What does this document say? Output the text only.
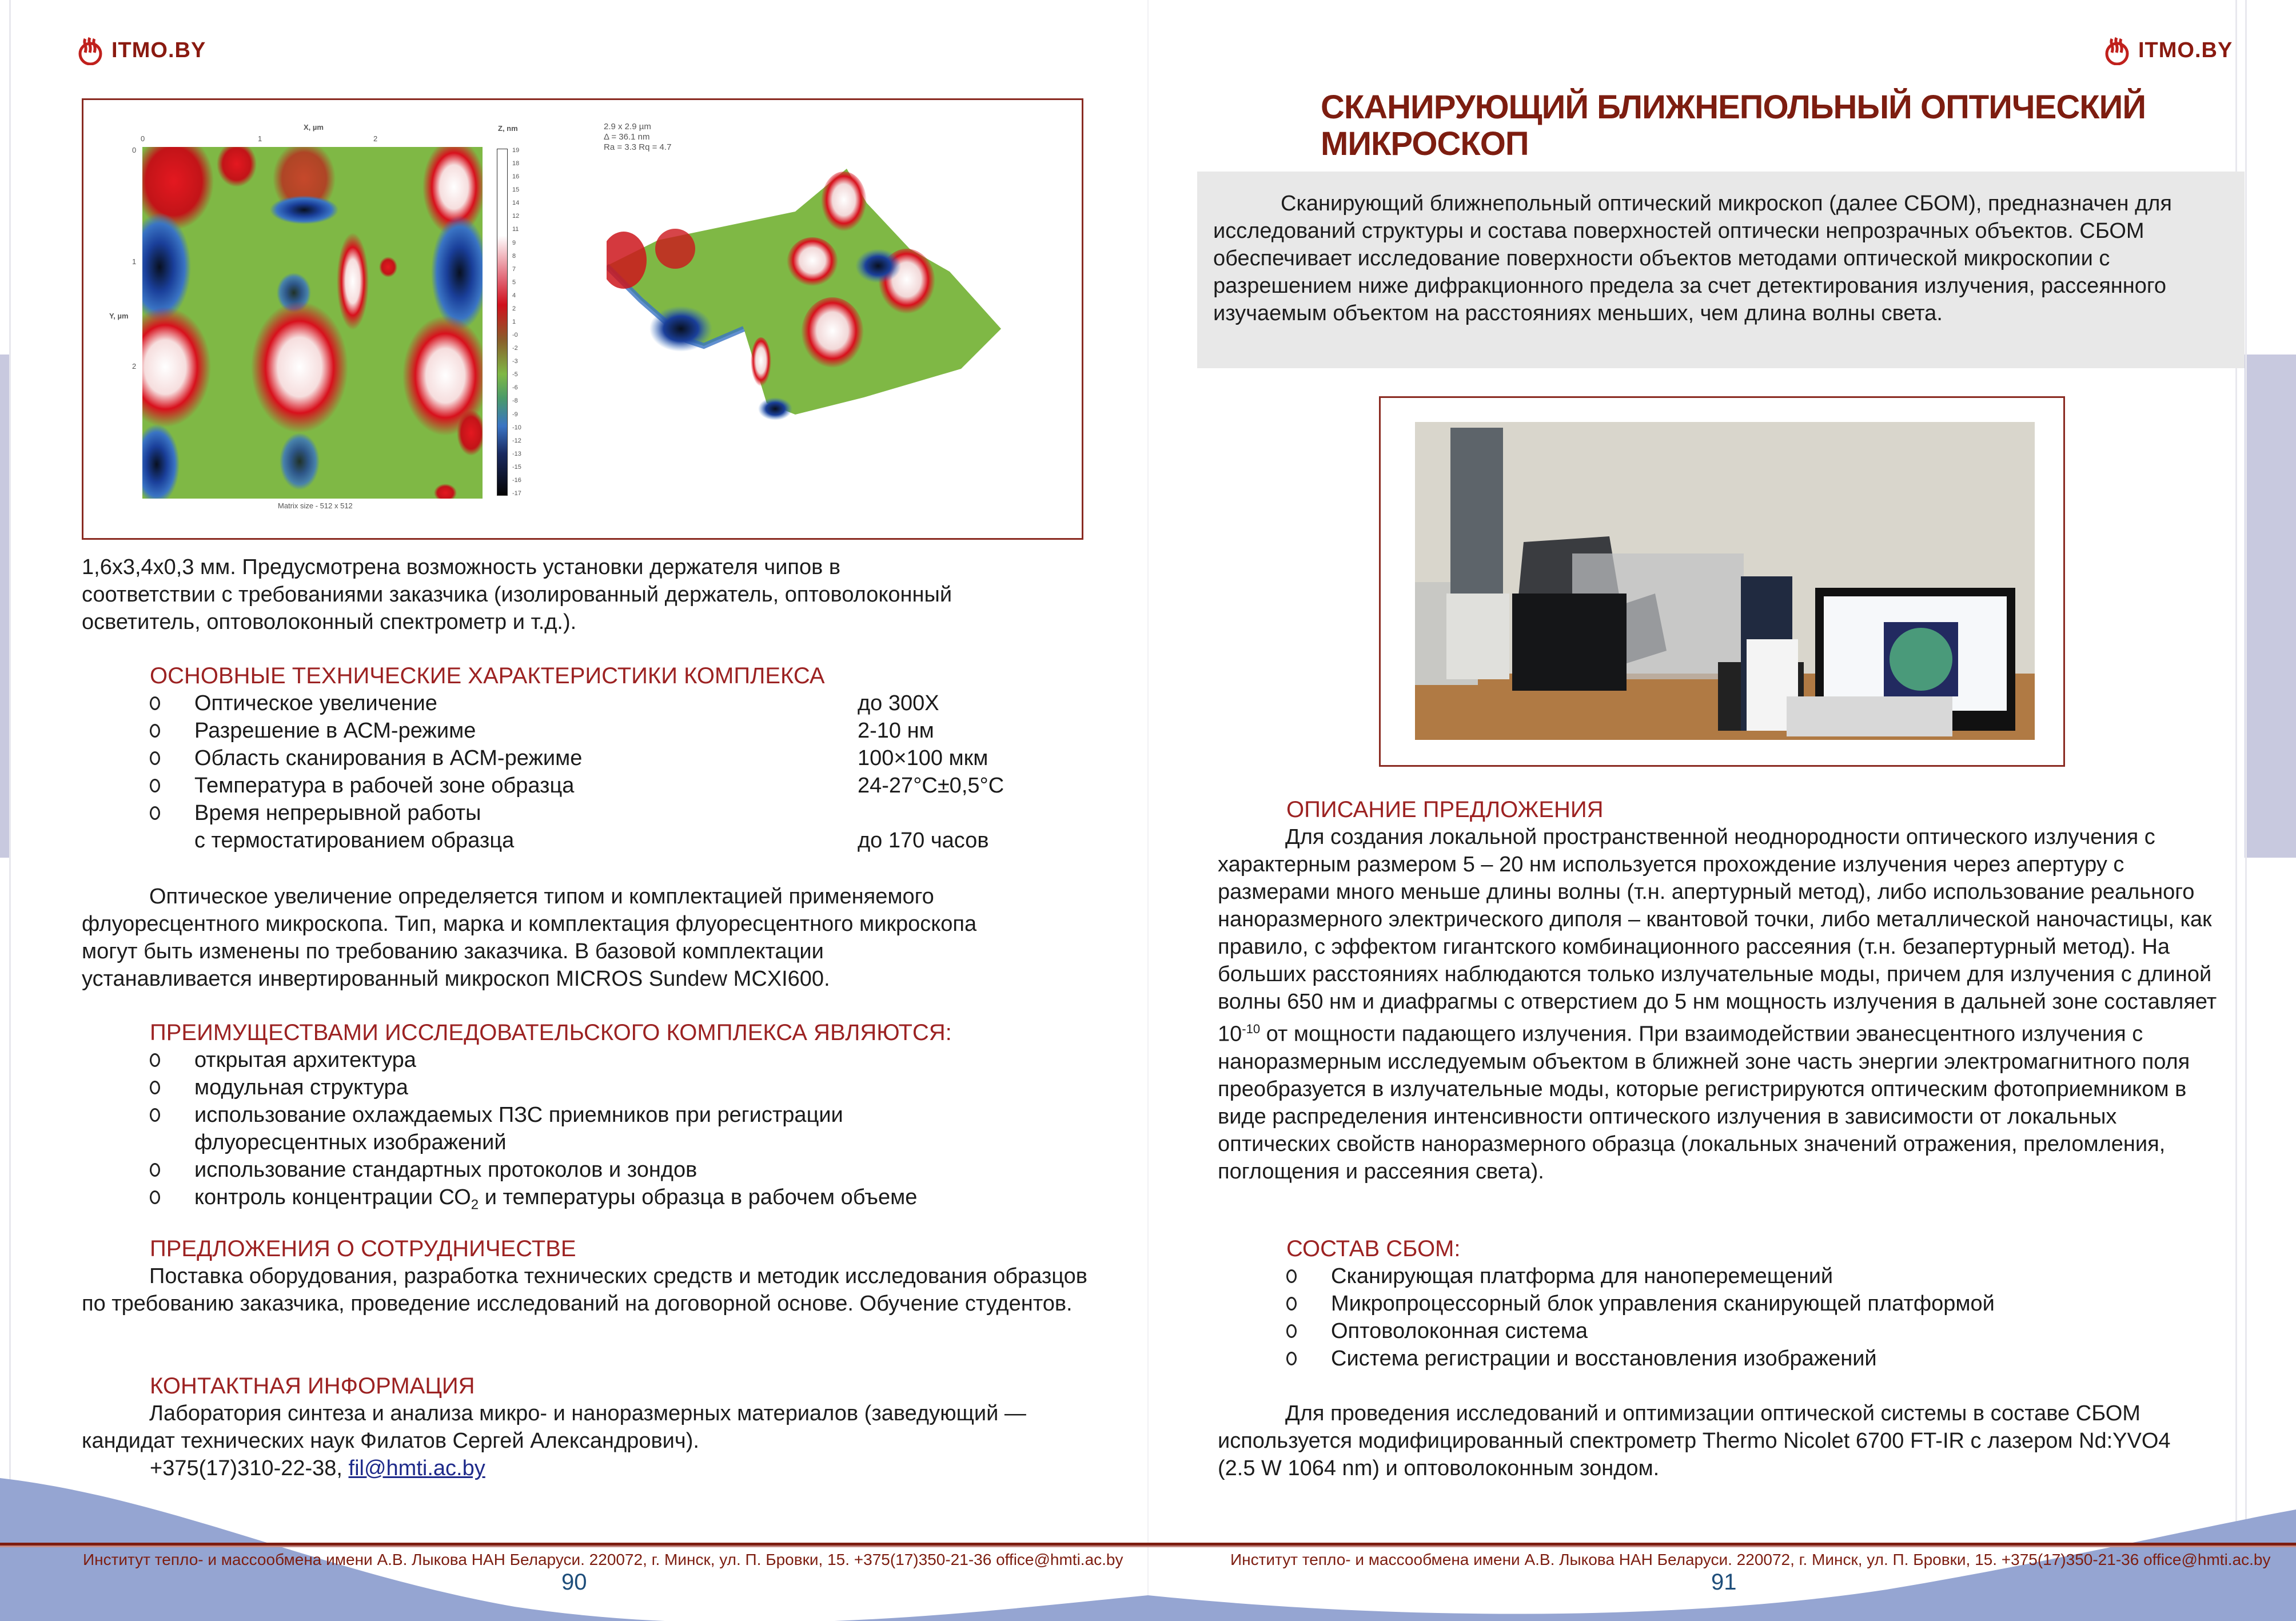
ITMO.BY
X, µm
0	1	2
Y, µm
0
1
2
Z, nm
19
18
16
15
14
12
11
9
8
7
5
4
2
1
-0
-2
-3
-5
-6
-8
-9
-10
-12
-13
-15
-16
-17
Matrix size - 512 x 512
2.9 x 2.9 µm
Δ = 36.1 nm
Ra = 3.3 Rq = 4.7
1,6x3,4x0,3 мм. Предусмотрена возможность установки держателя чипов в
соответствии с требованиями заказчика (изолированный держатель, оптоволоконный
осветитель, оптоволоконный спектрометр и т.д.).
ОСНОВНЫЕ ТЕХНИЧЕСКИЕ ХАРАКТЕРИСТИКИ КОМПЛЕКСА
Оптическое увеличение	до 300Х
Разрешение в АСМ-режиме	2-10 нм
Область сканирования в АСМ-режиме	100×100 мкм
Температура в рабочей зоне образца	24-27°С±0,5°С
Время непрерывной работы
с термостатированием образца	до 170 часов
Оптическое увеличение определяется типом и комплектацией применяемого
флуоресцентного микроскопа. Тип, марка и комплектация флуоресцентного микроскопа
могут быть изменены по требованию заказчика. В базовой комплектации
устанавливается инвертированный микроскоп MICROS Sundew MCXI600.
ПРЕИМУЩЕСТВАМИ ИССЛЕДОВАТЕЛЬСКОГО КОМПЛЕКСА ЯВЛЯЮТСЯ:
открытая архитектура
модульная структура
использование охлаждаемых ПЗС приемников при регистрации флуоресцентных изображений
использование стандартных протоколов и зондов
контроль концентрации $СО_2$ и температуры образца в рабочем объеме
ПРЕДЛОЖЕНИЯ О СОТРУДНИЧЕСТВЕ
Поставка оборудования, разработка технических средств и методик исследования образцов по требованию заказчика, проведение исследований на договорной основе. Обучение студентов.
КОНТАКТНАЯ ИНФОРМАЦИЯ
Лаборатория синтеза и анализа микро- и наноразмерных материалов (заведующий — кандидат технических наук Филатов Сергей Александрович).
+375(17)310-22-38, fil@hmti.ac.by
Институт тепло- и массообмена имени А.В. Лыкова НАН Беларуси. 220072, г. Минск, ул. П. Бровки, 15. +375(17)350-21-36 office@hmti.ac.by
90
ITMO.BY
СКАНИРУЮЩИЙ БЛИЖНЕПОЛЬНЫЙ ОПТИЧЕСКИЙ
МИКРОСКОП
Сканирующий ближнепольный оптический микроскоп (далее СБОМ), предназначен для исследований структуры и состава поверхностей оптически непрозрачных объектов. СБОМ обеспечивает исследование поверхности объектов методами оптической микроскопии с разрешением ниже дифракционного предела за счет детектирования излучения, рассеянного изучаемым объектом на расстояниях меньших, чем длина волны света.
ОПИСАНИЕ ПРЕДЛОЖЕНИЯ
Для создания локальной пространственной неоднородности оптического излучения с характерным размером 5 – 20 нм используется прохождение излучения через апертуру с размерами много меньше длины волны (т.н. апертурный метод), либо использование реального наноразмерного электрического диполя – квантовой точки, либо металлической наночастицы, как правило, с эффектом гигантского комбинационного рассеяния (т.н. безапертурный метод). На больших расстояниях наблюдаются только излучательные моды, причем для излучения с длиной волны 650 нм и диафрагмы с отверстием до 5 нм мощность излучения в дальней зоне составляет $10^{-10}$ от мощности падающего излучения. При взаимодействии эванесцентного излучения с наноразмерным исследуемым объектом в ближней зоне часть энергии электромагнитного поля преобразуется в излучательные моды, которые регистрируются оптическим фотоприемником в виде распределения интенсивности оптического излучения в зависимости от локальных оптических свойств наноразмерного образца (локальных значений отражения, преломления, поглощения и рассеяния света).
СОСТАВ СБОМ:
Сканирующая платформа для наноперемещений
Микропроцессорный блок управления сканирующей платформой
Оптоволоконная система
Система регистрации и восстановления изображений
Для проведения исследований и оптимизации оптической системы в составе СБОМ используется модифицированный спектрометр Thermo Nicolet 6700 FT-IR с лазером Nd:YVO4 (2.5 W 1064 nm) и оптоволоконным зондом.
Институт тепло- и массообмена имени А.В. Лыкова НАН Беларуси. 220072, г. Минск, ул. П. Бровки, 15. +375(17)350-21-36 office@hmti.ac.by
91
